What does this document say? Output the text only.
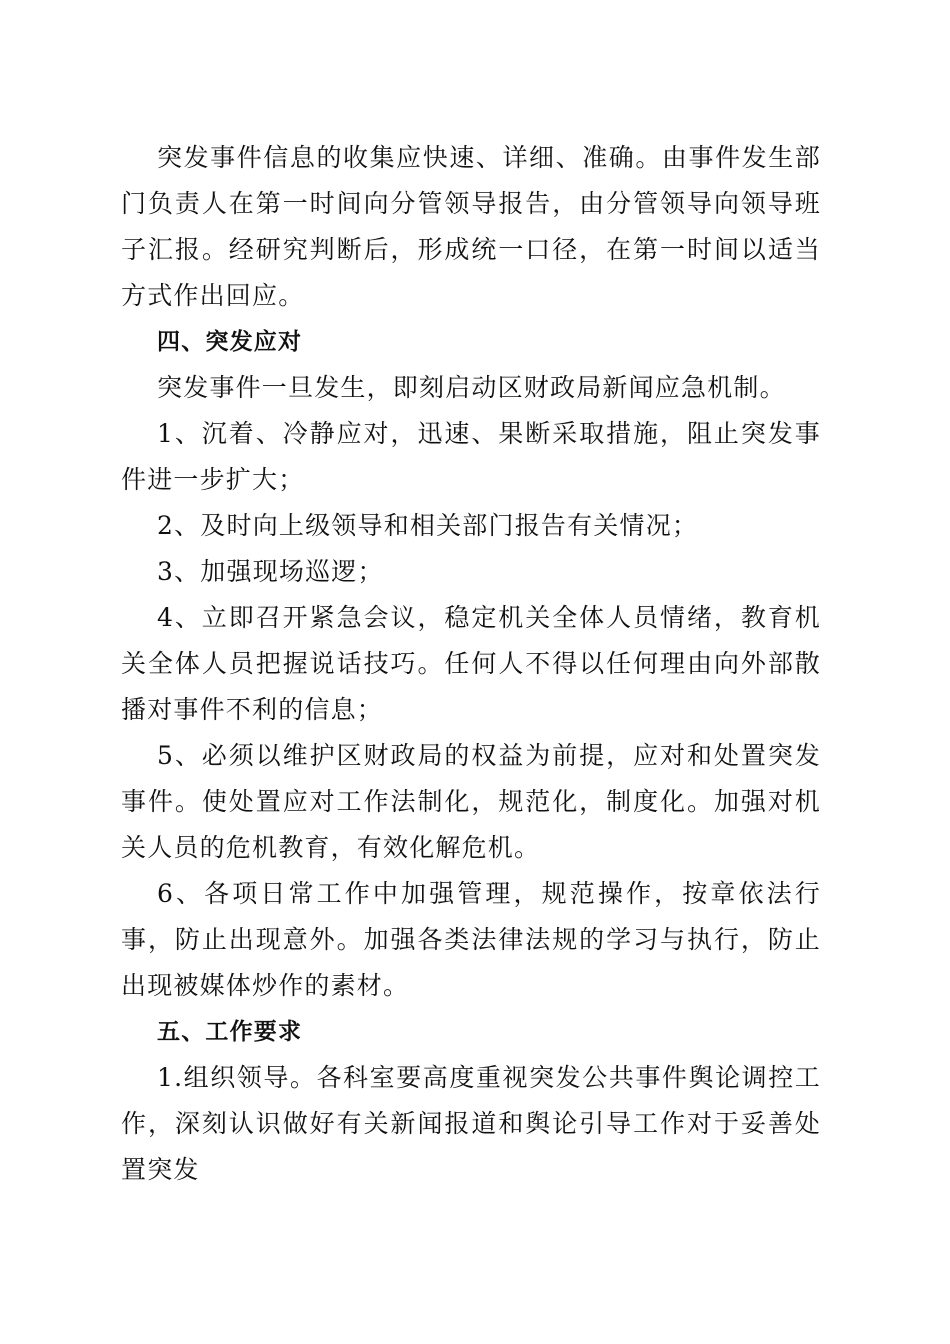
突发事件信息的收集应快速、详细、准确。由事件发生部门负责人在第一时间向分管领导报告，由分管领导向领导班子汇报。经研究判断后，形成统一口径，在第一时间以适当方式作出回应。

四、突发应对

突发事件一旦发生，即刻启动区财政局新闻应急机制。

1、沉着、冷静应对，迅速、果断采取措施，阻止突发事件进一步扩大；

2、及时向上级领导和相关部门报告有关情况；

3、加强现场巡逻；

4、立即召开紧急会议，稳定机关全体人员情绪，教育机关全体人员把握说话技巧。任何人不得以任何理由向外部散播对事件不利的信息；

5、必须以维护区财政局的权益为前提，应对和处置突发事件。使处置应对工作法制化，规范化，制度化。加强对机关人员的危机教育，有效化解危机。

6、各项日常工作中加强管理，规范操作，按章依法行事，防止出现意外。加强各类法律法规的学习与执行，防止出现被媒体炒作的素材。

五、工作要求

1.组织领导。各科室要高度重视突发公共事件舆论调控工作，深刻认识做好有关新闻报道和舆论引导工作对于妥善处置突发
